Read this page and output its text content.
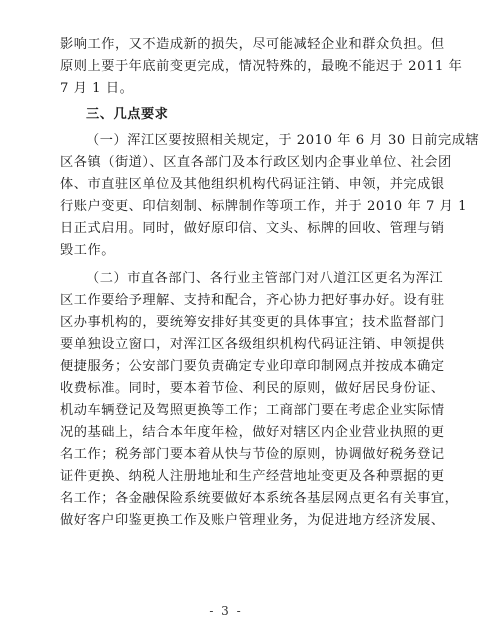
影响工作，又不造成新的损失，尽可能减轻企业和群众负担。但
原则上要于年底前变更完成，情况特殊的，最晚不能迟于 2011 年
7 月 1 日。
三、几点要求
（一）浑江区要按照相关规定，于 2010 年 6 月 30 日前完成辖
区各镇（街道）、区直各部门及本行政区划内企事业单位、社会团
体、市直驻区单位及其他组织机构代码证注销、申领，并完成银
行账户变更、印信刻制、标牌制作等项工作，并于 2010 年 7 月 1
日正式启用。同时，做好原印信、文头、标牌的回收、管理与销
毁工作。
（二）市直各部门、各行业主管部门对八道江区更名为浑江
区工作要给予理解、支持和配合，齐心协力把好事办好。设有驻
区办事机构的，要统筹安排好其变更的具体事宜；技术监督部门
要单独设立窗口，对浑江区各级组织机构代码证注销、申领提供
便捷服务；公安部门要负责确定专业印章印制网点并按成本确定
收费标准。同时，要本着节俭、利民的原则，做好居民身份证、
机动车辆登记及驾照更换等工作；工商部门要在考虑企业实际情
况的基础上，结合本年度年检，做好对辖区内企业营业执照的更
名工作；税务部门要本着从快与节俭的原则，协调做好税务登记
证件更换、纳税人注册地址和生产经营地址变更及各种票据的更
名工作；各金融保险系统要做好本系统各基层网点更名有关事宜，
做好客户印鉴更换工作及账户管理业务，为促进地方经济发展、
- 3 -
